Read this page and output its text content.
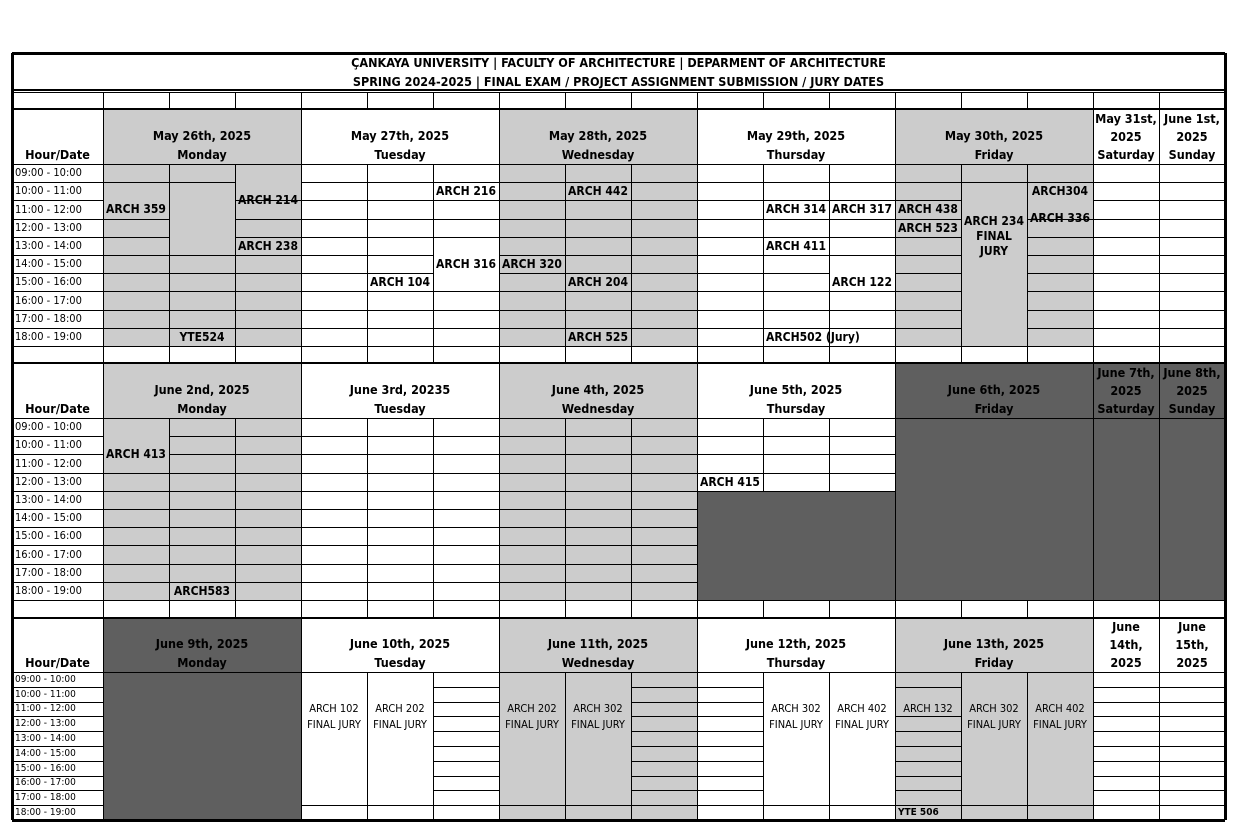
ÇANKAYA UNIVERSITY | FACULTY OF ARCHITECTURE | DEPARMENT OF ARCHITECTURE
SPRING 2024-2025 | FINAL EXAM / PROJECT ASSIGNMENT SUBMISSION / JURY DATES
Hour/Date
May 26th, 2025
Monday
May 27th, 2025
Tuesday
May 28th, 2025
Wednesday
May 29th, 2025
Thursday
May 30th, 2025
Friday
May 31st,
2025
Saturday
June 1st,
2025
Sunday
09:00 - 10:00
10:00 - 11:00
11:00 - 12:00
12:00 - 13:00
13:00 - 14:00
14:00 - 15:00
15:00 - 16:00
16:00 - 17:00
17:00 - 18:00
18:00 - 19:00
Hour/Date
June 2nd, 2025
Monday
June 3rd, 20235
Tuesday
June 4th, 2025
Wednesday
June 5th, 2025
Thursday
June 6th, 2025
Friday
June 7th,
2025
Saturday
June 8th,
2025
Sunday
09:00 - 10:00
10:00 - 11:00
11:00 - 12:00
12:00 - 13:00
13:00 - 14:00
14:00 - 15:00
15:00 - 16:00
16:00 - 17:00
17:00 - 18:00
18:00 - 19:00
Hour/Date
June 9th, 2025
Monday
June 10th, 2025
Tuesday
June 11th, 2025
Wednesday
June 12th, 2025
Thursday
June 13th, 2025
Friday
June
14th,
2025
June
15th,
2025
09:00 - 10:00
10:00 - 11:00
11:00 - 12:00
12:00 - 13:00
13:00 - 14:00
14:00 - 15:00
15:00 - 16:00
16:00 - 17:00
17:00 - 18:00
18:00 - 19:00
ARCH 359
ARCH 214
ARCH 238
YTE524
ARCH 216
ARCH 316
ARCH 104
ARCH 442
ARCH 320
ARCH 204
ARCH 525
ARCH 314 ARCH 317
ARCH 411
ARCH 122
ARCH502 (Jury)
ARCH 438
ARCH 523 ARCH 234
FINAL
JURY
ARCH304
ARCH 336
ARCH 413
ARCH583
ARCH 415
ARCH 102
FINAL JURY
ARCH 202
FINAL JURY
ARCH 202
FINAL JURY
ARCH 302
FINAL JURY
ARCH 302
FINAL JURY
ARCH 402
FINAL JURY
ARCH 132	ARCH 302
FINAL JURY
ARCH 402
FINAL JURY
YTE 506
